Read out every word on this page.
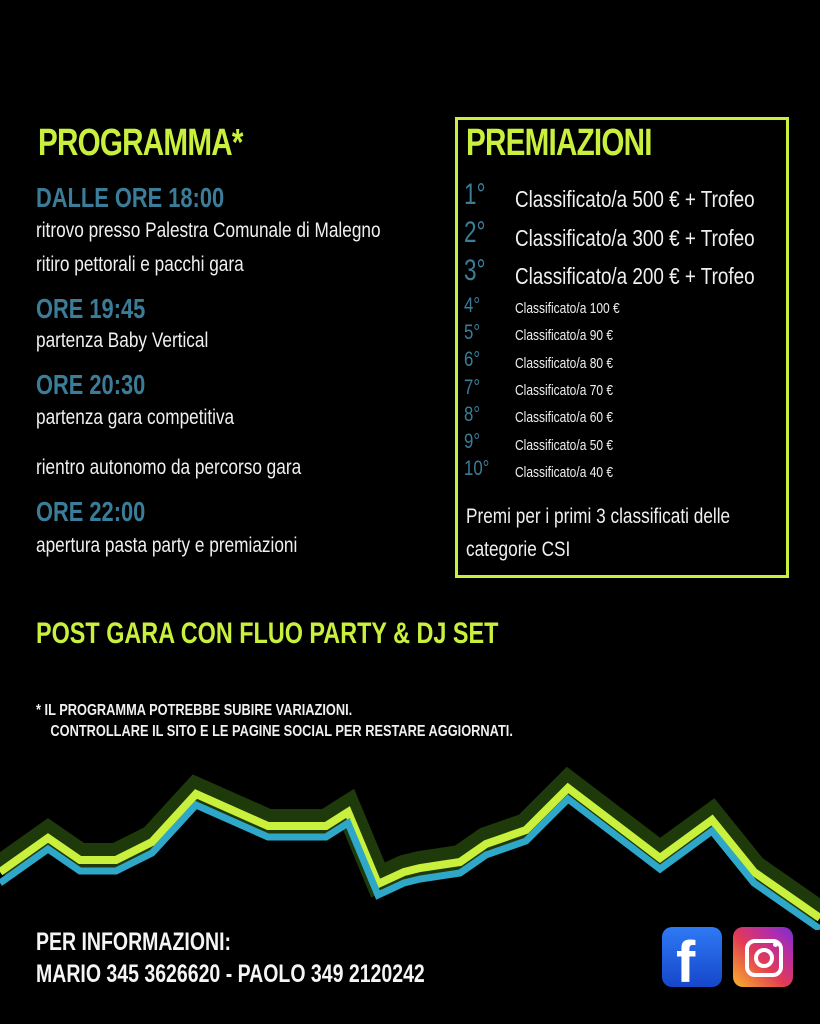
PROGRAMMA*
DALLE ORE 18:00
ritrovo presso Palestra Comunale di Malegno
ritiro pettorali e pacchi gara
ORE 19:45
partenza Baby Vertical
ORE 20:30
partenza gara competitiva
rientro autonomo da percorso gara
ORE 22:00
apertura pasta party e premiazioni
PREMIAZIONI
1° Classificato/a 500 € + Trofeo
2° Classificato/a 300 € + Trofeo
3° Classificato/a 200 € + Trofeo
4° Classificato/a 100 €
5° Classificato/a 90 €
6° Classificato/a 80 €
7° Classificato/a 70 €
8° Classificato/a 60 €
9° Classificato/a 50 €
10° Classificato/a 40 €
Premi per i primi 3 classificati delle categorie CSI
POST GARA CON FLUO PARTY & DJ SET
* IL PROGRAMMA POTREBBE SUBIRE VARIAZIONI.
CONTROLLARE IL SITO E LE PAGINE SOCIAL PER RESTARE AGGIORNATI.
PER INFORMAZIONI:
MARIO 345 3626620 - PAOLO 349 2120242	f
